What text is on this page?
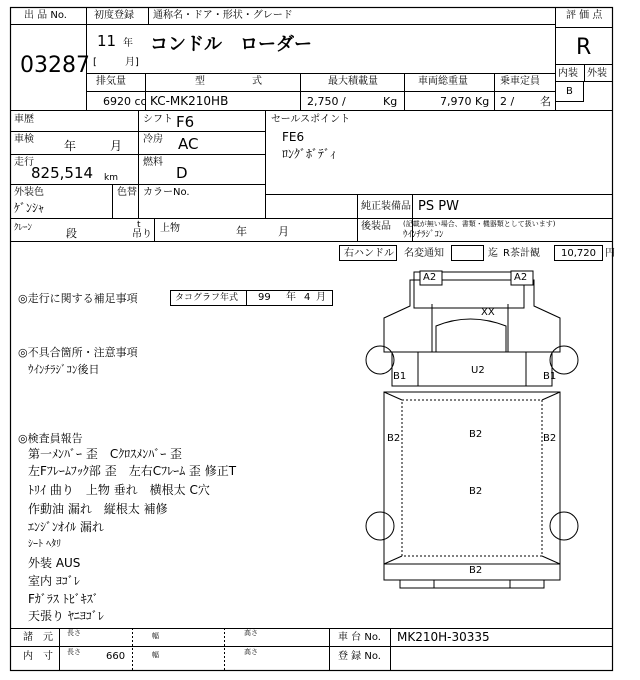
出 品 No.	初度登録 通称名・ドア・形状・グレード	評 価 点
03287
11 年
[	月]
コンドル　ローダー	R
内装 外装
B
排気量	型	式	最大積載量	車両総重量	乗車定員
6920 cc KC-MK210HB	2,750 /	Kg	7,970 Kg 2 / 名
車歴	シフト F6
車検	年	月 冷房 AC
走行
825,514 km
燃料
D
外装色	色替 カラーNo.
ｹﾞﾝｼｬ
ｸﾚｰﾝ	段
t
吊り
上物	年	月
セールスポイント
FE6
ﾛﾝｸﾞﾎﾞﾃﾞｨ
純正装備品 PS PW
後装品 (記載が無い場合、書類・機器類として扱います)
ｳｲﾝﾁﾗｼﾞｺﾝ
右ハンドル 名変通知	迄 R茶計観 10,720 円
◎走行に関する補足事項	タコグラフ年式 99 年 4 月
◎不具合箇所・注意事項
ｳｲﾝﾁﾗｼﾞｺﾝ後日
◎検査員報告
第一ﾒﾝﾊﾞｰ 歪　Cｸﾛｽﾒﾝﾊﾞｰ 歪
左Fﾌﾚｰﾑﾌｯｸ部 歪　左右Cﾌﾚｰﾑ 歪 修正T
ﾄﾘｲ 曲り　上物 垂れ　横根太 C穴
作動油 漏れ　縦根太 補修
ｴﾝｼﾞﾝｵｲﾙ 漏れ
ｼｰﾄ ﾍﾀﾘ
外装 AUS
室内 ﾖｺﾞﾚ
Fｶﾞﾗｽ ﾄﾋﾞｷｽﾞ
天張り ﾔﾆﾖｺﾞﾚ
A2	A2
XX
U2
B1	B1
B2	B2	B2
B2
B2
諸　元 長さ	幅	高さ
内　寸 長さ	660	幅	高さ
車 台 No. MK210H-30335
登 録 No.
